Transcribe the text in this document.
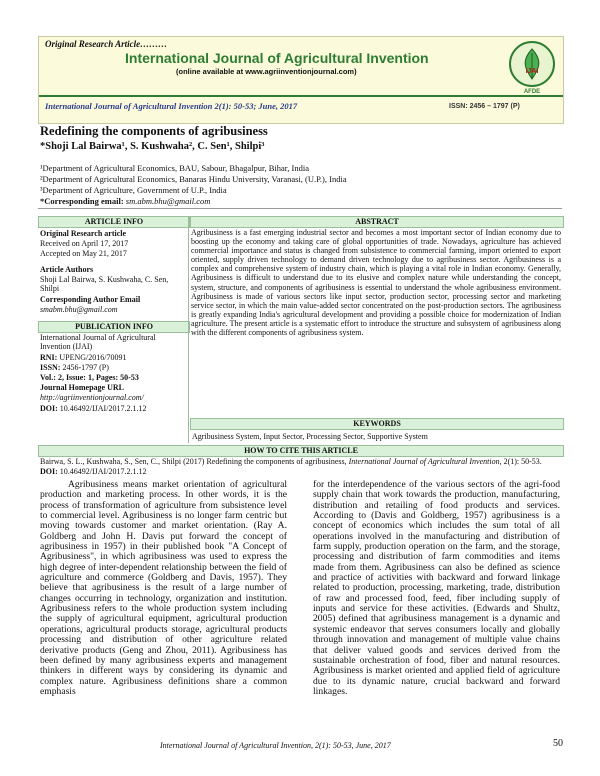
Original Research Article………
International Journal of Agricultural Invention
(online available at www.agriinventionjournal.com)
International Journal of Agricultural Invention 2(1): 50-53; June, 2017	ISSN: 2456 – 1797 (P)
IJAI
AFDE
Redefining the components of agribusiness
*Shoji Lal Bairwa¹, S. Kushwaha², C. Sen¹, Shilpi³
¹Department of Agricultural Economics, BAU, Sabour, Bhagalpur, Bihar, India
²Department of Agricultural Economics, Banaras Hindu University, Varanasi, (U.P.), India
³Department of Agriculture, Government of U.P., India
*Corresponding email: sm.abm.bhu@gmail.com
ARTICLE INFO
Original Research article
Received on April 17, 2017
Accepted on May 21, 2017
Article Authors
Shoji Lal Bairwa, S. Kushwaha, C. Sen, Shilpi
Corresponding Author Email
smabm.bhu@gmail.com
PUBLICATION INFO
International Journal of Agricultural Invention (IJAI)
RNI: UPENG/2016/70091
ISSN: 2456-1797 (P)
Vol.: 2, Issue: 1, Pages: 50-53
Journal Homepage URL
http://agriinventionjournal.com/
DOI: 10.46492/IJAI/2017.2.1.12
ABSTRACT
Agribusiness is a fast emerging industrial sector and becomes a most important sector of Indian economy due to boosting up the economy and taking care of global opportunities of trade. Nowadays, agriculture has achieved commercial importance and status is changed from subsistence to commercial farming, import oriented to export oriented, supply driven technology to demand driven technology due to agribusiness sector. Agribusiness is a complex and comprehensive system of industry chain, which is playing a vital role in Indian economy. Generally, Agribusiness is difficult to understand due to its elusive and complex nature while understanding the concept, system, structure, and components of agribusiness is essential to understand the whole agribusiness environment. Agribusiness is made of various sectors like input sector, production sector, processing sector and marketing service sector, in which the main value-added sector concentrated on the post-production sectors. The agribusiness is greatly expanding India's agricultural development and providing a possible choice for modernization of Indian agriculture. The present article is a systematic effort to introduce the structure and subsystem of agribusiness along with the different components of agribusiness system.
KEYWORDS
Agribusiness System, Input Sector, Processing Sector, Supportive System
HOW TO CITE THIS ARTICLE
Bairwa, S. L., Kushwaha, S., Sen, C., Shilpi (2017) Redefining the components of agribusiness, International Journal of Agricultural Invention, 2(1): 50-53. DOI: 10.46492/IJAI/2017.2.1.12
Agribusiness means market orientation of agricultural production and marketing process. In other words, it is the process of transformation of agriculture from subsistence level to commercial level. Agribusiness is no longer farm centric but moving towards customer and market orientation. (Ray A. Goldberg and John H. Davis put forward the concept of agribusiness in 1957) in their published book "A Concept of Agribusiness", in which agribusiness was used to express the high degree of inter-dependent relationship between the field of agriculture and commerce (Goldberg and Davis, 1957). They believe that agribusiness is the result of a large number of changes occurring in technology, organization and institution. Agribusiness refers to the whole production system including the supply of agricultural equipment, agricultural production operations, agricultural products storage, agricultural products processing and distribution of other agriculture related derivative products (Geng and Zhou, 2011). Agribusiness has been defined by many agribusiness experts and management thinkers in different ways by considering its dynamic and complex nature. Agribusiness definitions share a common emphasis
for the interdependence of the various sectors of the agri-food supply chain that work towards the production, manufacturing, distribution and retailing of food products and services. According to (Davis and Goldberg, 1957) agribusiness is a concept of economics which includes the sum total of all operations involved in the manufacturing and distribution of farm supply, production operation on the farm, and the storage, processing and distribution of farm commodities and items made from them. Agribusiness can also be defined as science and practice of activities with backward and forward linkage related to production, processing, marketing, trade, distribution of raw and processed food, feed, fiber including supply of inputs and service for these activities. (Edwards and Shultz, 2005) defined that agribusiness management is a dynamic and systemic endeavor that serves consumers locally and globally through innovation and management of multiple value chains that deliver valued goods and services derived from the sustainable orchestration of food, fiber and natural resources. Agribusiness is market oriented and applied field of agriculture due to its dynamic nature, crucial backward and forward linkages.
International Journal of Agricultural Invention, 2(1): 50-53, June, 2017	50
